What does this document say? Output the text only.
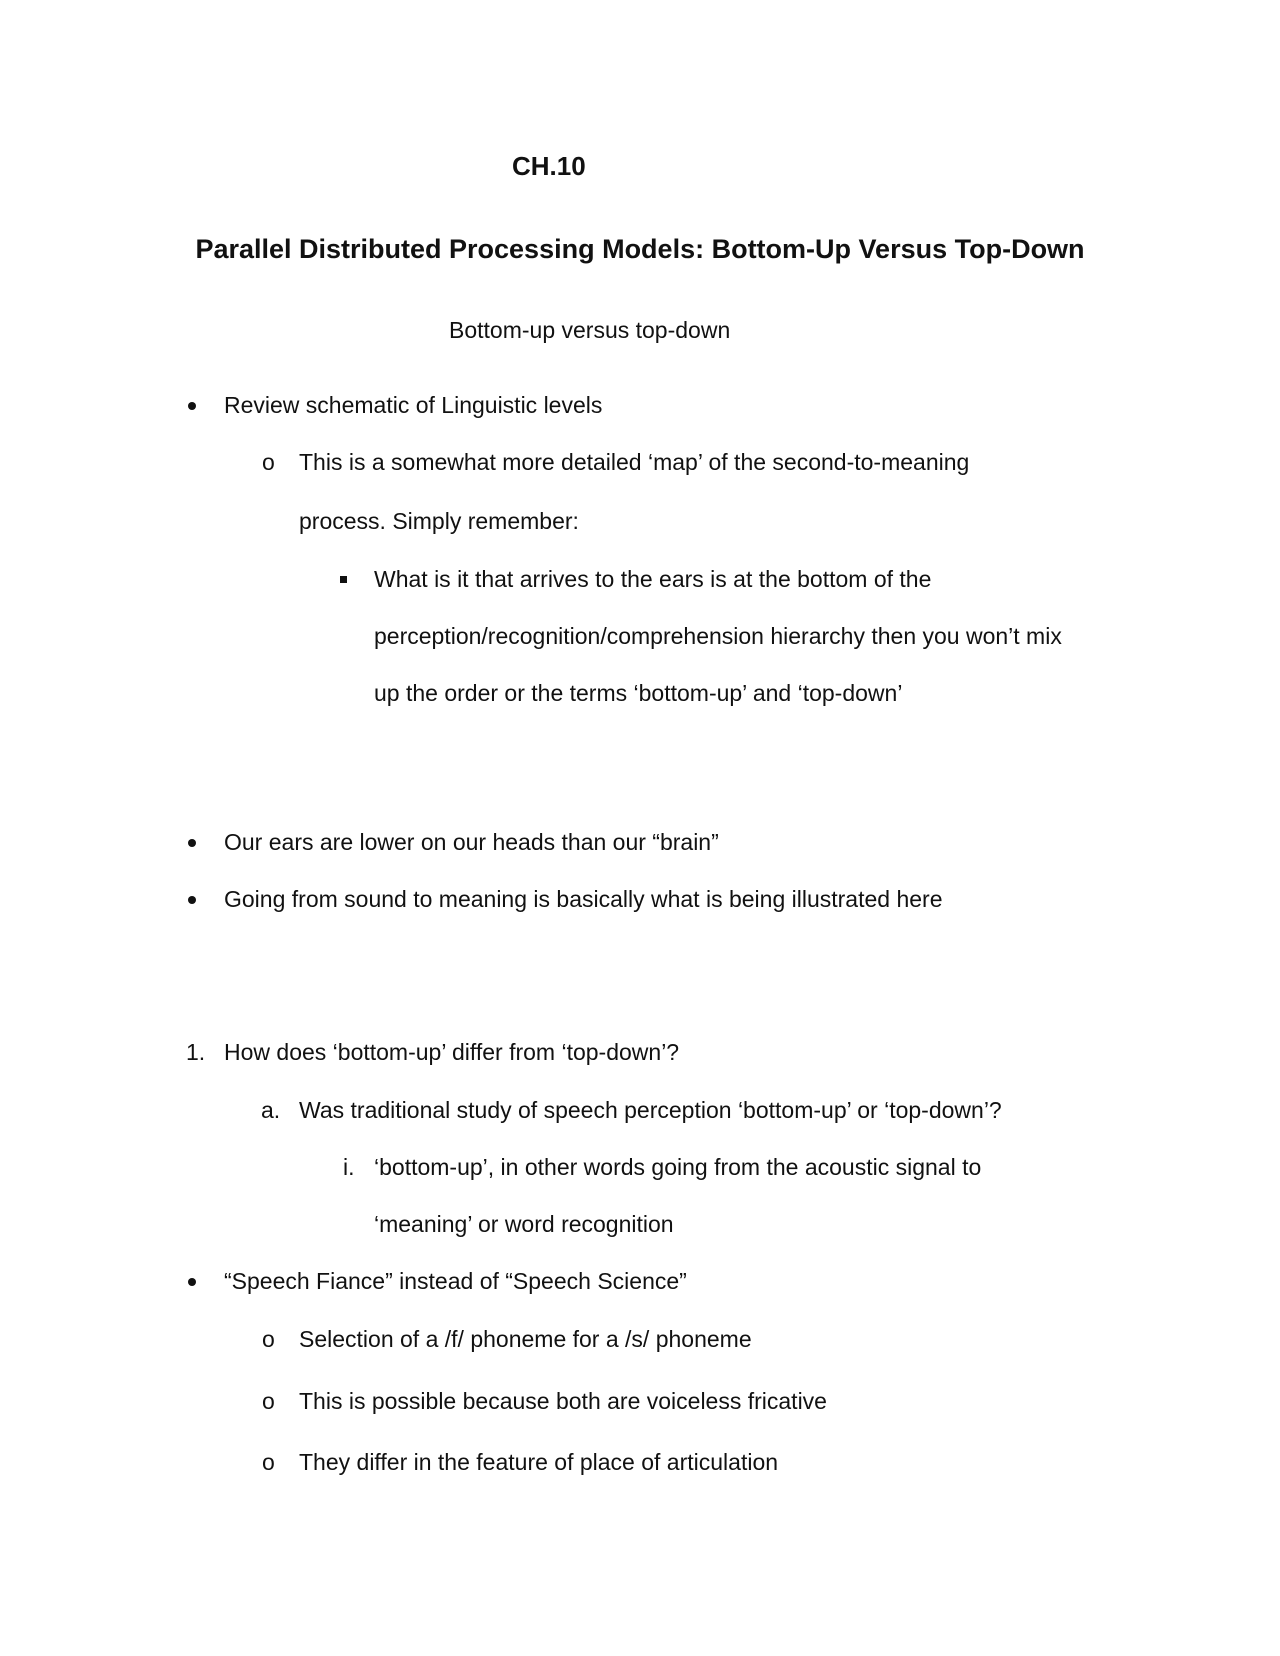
CH.10
Parallel Distributed Processing Models: Bottom-Up Versus Top-Down
Bottom-up versus top-down
Review schematic of Linguistic levels
o This is a somewhat more detailed ‘map’ of the second-to-meaning
process. Simply remember:
What is it that arrives to the ears is at the bottom of the
perception/recognition/comprehension hierarchy then you won’t mix
up the order or the terms ‘bottom-up’ and ‘top-down’
Our ears are lower on our heads than our “brain”
Going from sound to meaning is basically what is being illustrated here
1. How does ‘bottom-up’ differ from ‘top-down’?
a. Was traditional study of speech perception ‘bottom-up’ or ‘top-down’?
i. ‘bottom-up’, in other words going from the acoustic signal to
‘meaning’ or word recognition
“Speech Fiance” instead of “Speech Science”
o Selection of a /f/ phoneme for a /s/ phoneme
o This is possible because both are voiceless fricative
o They differ in the feature of place of articulation
